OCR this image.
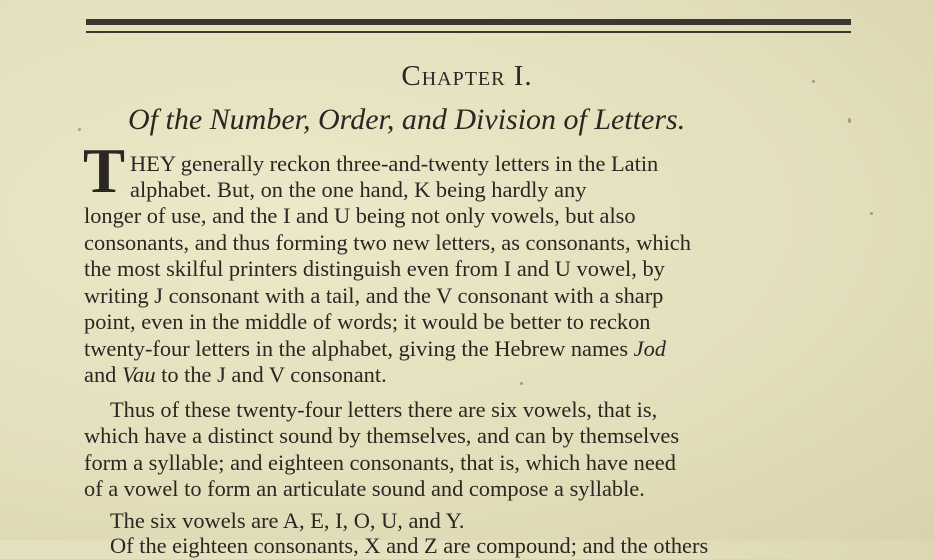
Chapter I.
Of the Number, Order, and Division of Letters.
T HEY generally reckon three-and-twenty letters in the Latin
alphabet. But, on the one hand, K being hardly any
longer of use, and the I and U being not only vowels, but also
consonants, and thus forming two new letters, as consonants, which
the most skilful printers distinguish even from I and U vowel, by
writing J consonant with a tail, and the V consonant with a sharp
point, even in the middle of words; it would be better to reckon
twenty-four letters in the alphabet, giving the Hebrew names Jod
and Vau to the J and V consonant.
Thus of these twenty-four letters there are six vowels, that is,
which have a distinct sound by themselves, and can by themselves
form a syllable; and eighteen consonants, that is, which have need
of a vowel to form an articulate sound and compose a syllable.
The six vowels are A, E, I, O, U, and Y.
Of the eighteen consonants, X and Z are compound; and the others
